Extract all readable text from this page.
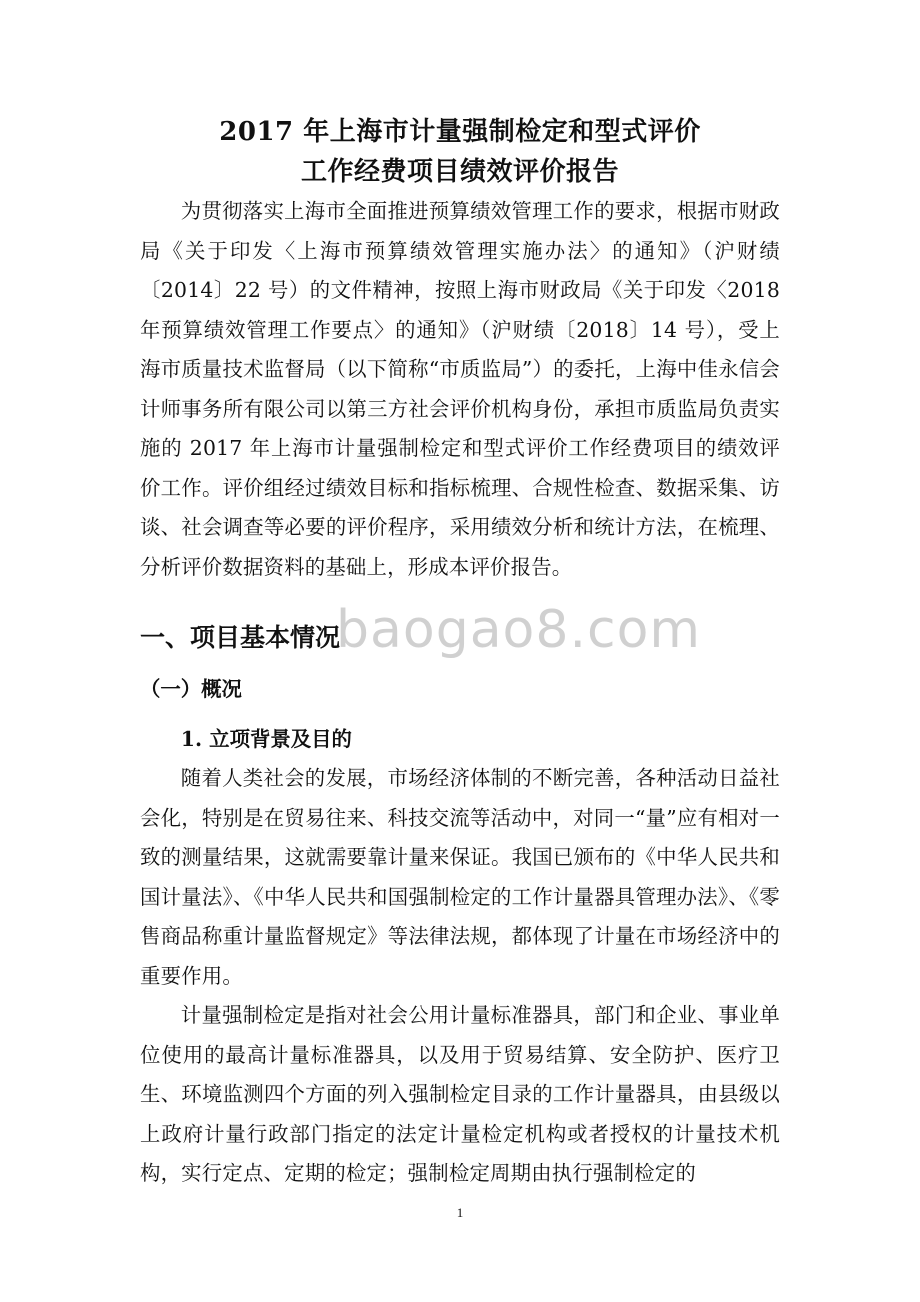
2017 年上海市计量强制检定和型式评价
工作经费项目绩效评价报告

为贯彻落实上海市全面推进预算绩效管理工作的要求，根据市财政局《关于印发〈上海市预算绩效管理实施办法〉的通知》（沪财绩〔2014〕22 号）的文件精神，按照上海市财政局《关于印发〈2018 年预算绩效管理工作要点〉的通知》（沪财绩〔2018〕14 号），受上海市质量技术监督局（以下简称“市质监局”）的委托，上海中佳永信会计师事务所有限公司以第三方社会评价机构身份，承担市质监局负责实施的 2017 年上海市计量强制检定和型式评价工作经费项目的绩效评价工作。评价组经过绩效目标和指标梳理、合规性检查、数据采集、访谈、社会调查等必要的评价程序，采用绩效分析和统计方法，在梳理、分析评价数据资料的基础上，形成本评价报告。

一、项目基本情况
（一）概况
1. 立项背景及目的

随着人类社会的发展，市场经济体制的不断完善，各种活动日益社会化，特别是在贸易往来、科技交流等活动中，对同一“量”应有相对一致的测量结果，这就需要靠计量来保证。我国已颁布的《中华人民共和国计量法》、《中华人民共和国强制检定的工作计量器具管理办法》、《零售商品称重计量监督规定》等法律法规，都体现了计量在市场经济中的重要作用。

计量强制检定是指对社会公用计量标准器具，部门和企业、事业单位使用的最高计量标准器具，以及用于贸易结算、安全防护、医疗卫生、环境监测四个方面的列入强制检定目录的工作计量器具，由县级以上政府计量行政部门指定的法定计量检定机构或者授权的计量技术机构，实行定点、定期的检定；强制检定周期由执行强制检定的

baogao8.com
1
